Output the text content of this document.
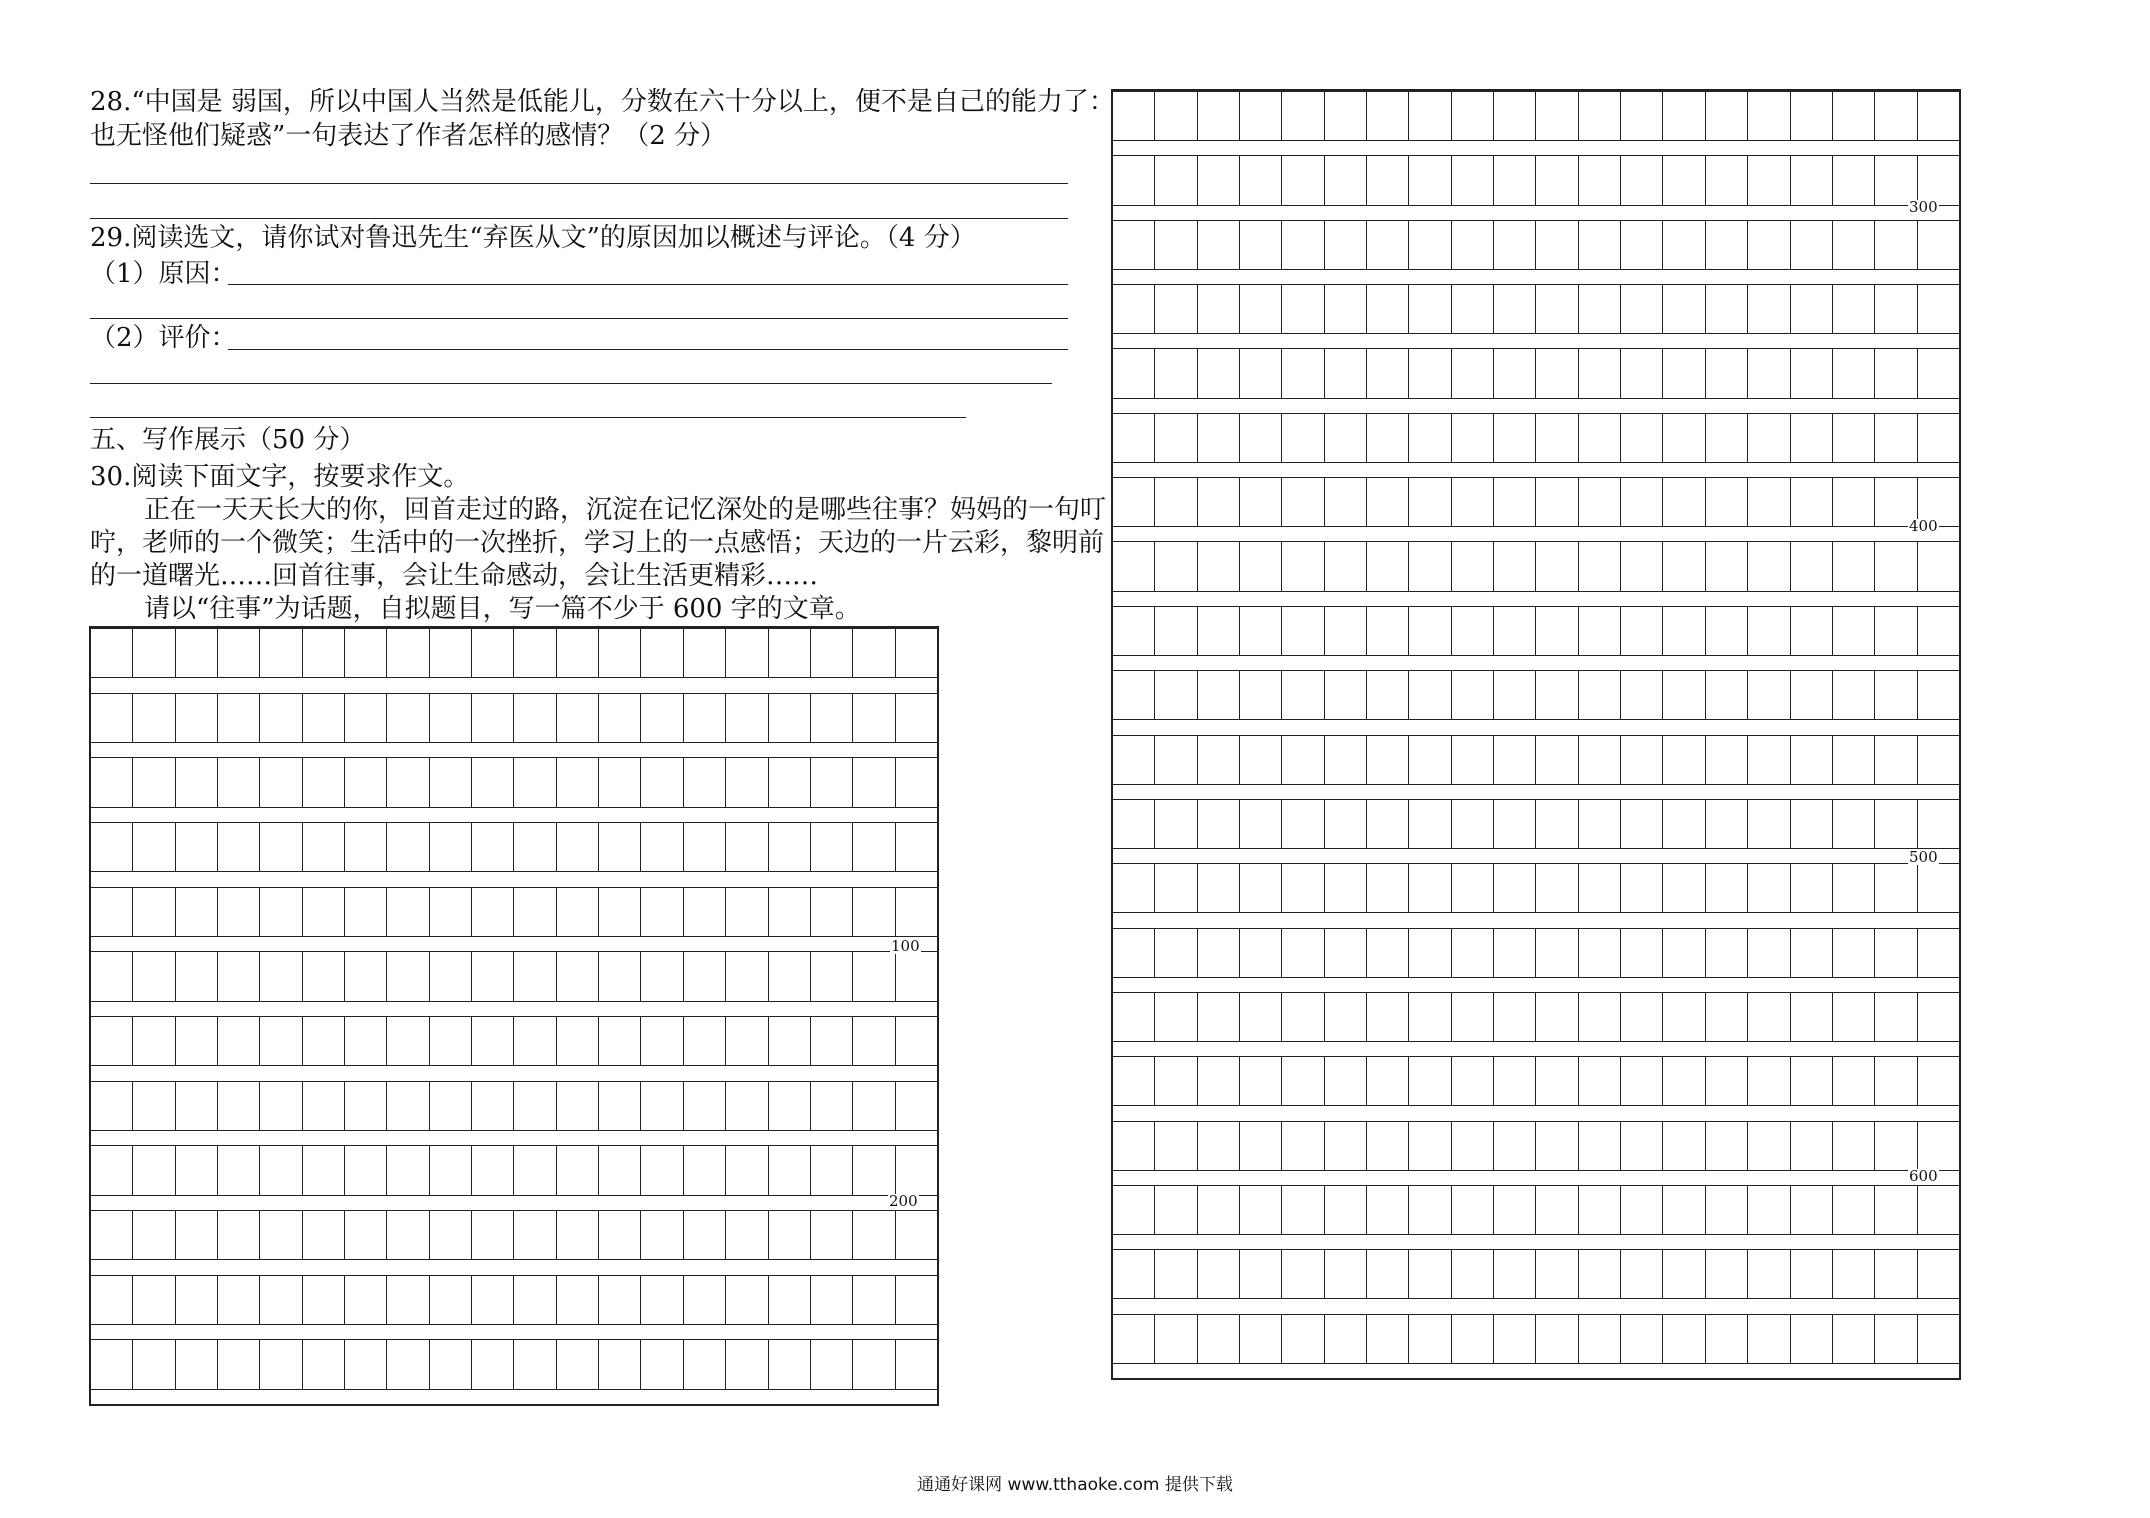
28.“中国是 弱国，所以中国人当然是低能儿，分数在六十分以上，便不是自己的能力了：
也无怪他们疑惑”一句表达了作者怎样的感情？（2 分）
29.阅读选文，请你试对鲁迅先生“弃医从文”的原因加以概述与评论。（4 分）
（1）原因：
（2）评价：
五、写作展示（50 分）
30.阅读下面文字，按要求作文。
正在一天天长大的你，回首走过的路，沉淀在记忆深处的是哪些往事？妈妈的一句叮
咛，老师的一个微笑；生活中的一次挫折，学习上的一点感悟；天边的一片云彩，黎明前
的一道曙光……回首往事，会让生命感动，会让生活更精彩……
请以“往事”为话题，自拟题目，写一篇不少于 600 字的文章。
100
200
300
400
500
600
通通好课网 www.tthaoke.com 提供下载
